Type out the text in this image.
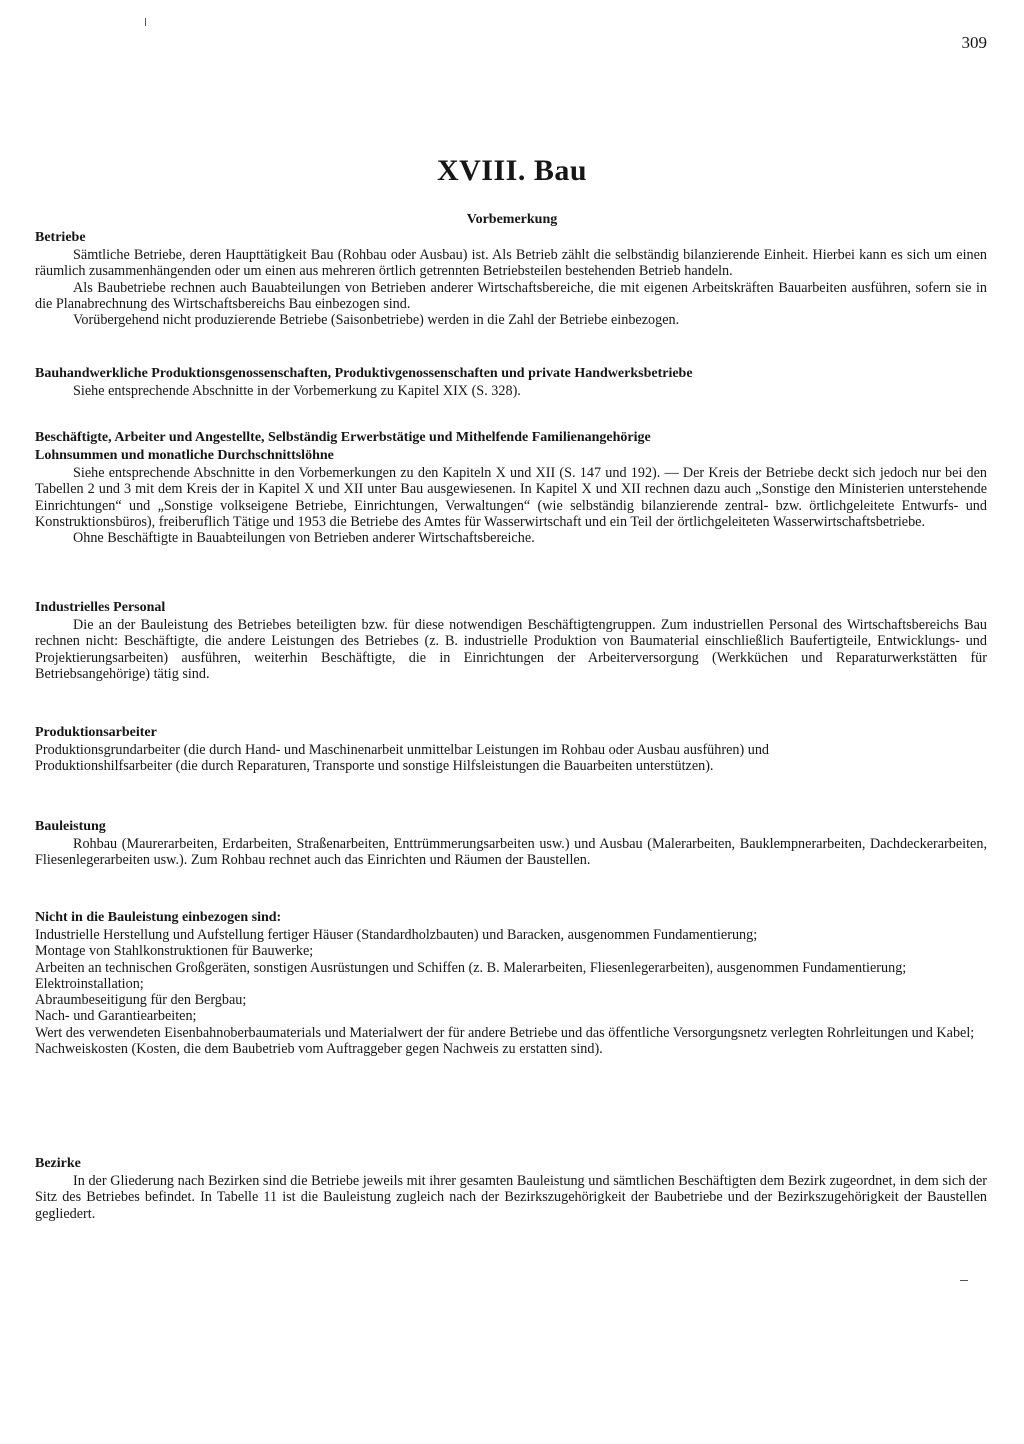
309
XVIII. Bau
Vorbemerkung
Betriebe

Sämtliche Betriebe, deren Haupttätigkeit Bau (Rohbau oder Ausbau) ist. Als Betrieb zählt die selbständig bilanzierende Einheit. Hierbei kann es sich um einen räumlich zusammenhängenden oder um einen aus mehreren örtlich getrennten Betriebsteilen bestehenden Betrieb handeln.

Als Baubetriebe rechnen auch Bauabteilungen von Betrieben anderer Wirtschaftsbereiche, die mit eigenen Arbeitskräften Bauarbeiten ausführen, sofern sie in die Planabrechnung des Wirtschaftsbereichs Bau einbezogen sind.

Vorübergehend nicht produzierende Betriebe (Saisonbetriebe) werden in die Zahl der Betriebe einbezogen.

Bauhandwerkliche Produktionsgenossenschaften, Produktivgenossenschaften und private Handwerksbetriebe

Siehe entsprechende Abschnitte in der Vorbemerkung zu Kapitel XIX (S. 328).

Beschäftigte, Arbeiter und Angestellte, Selbständig Erwerbstätige und Mithelfende Familienangehörige
Lohnsummen und monatliche Durchschnittslöhne

Siehe entsprechende Abschnitte in den Vorbemerkungen zu den Kapiteln X und XII (S. 147 und 192). — Der Kreis der Betriebe deckt sich jedoch nur bei den Tabellen 2 und 3 mit dem Kreis der in Kapitel X und XII unter Bau ausgewiesenen. In Kapitel X und XII rechnen dazu auch „Sonstige den Ministerien unterstehende Einrichtungen“ und „Sonstige volkseigene Betriebe, Einrichtungen, Verwaltungen“ (wie selbständig bilanzierende zentral- bzw. örtlichgeleitete Entwurfs- und Konstruktionsbüros), freiberuflich Tätige und 1953 die Betriebe des Amtes für Wasserwirtschaft und ein Teil der örtlichgeleiteten Wasserwirtschaftsbetriebe.

Ohne Beschäftigte in Bauabteilungen von Betrieben anderer Wirtschaftsbereiche.

Industrielles Personal

Die an der Bauleistung des Betriebes beteiligten bzw. für diese notwendigen Beschäftigtengruppen. Zum industriellen Personal des Wirtschaftsbereichs Bau rechnen nicht: Beschäftigte, die andere Leistungen des Betriebes (z. B. industrielle Produktion von Baumaterial einschließlich Baufertigteile, Entwicklungs- und Projektierungsarbeiten) ausführen, weiterhin Beschäftigte, die in Einrichtungen der Arbeiterversorgung (Werkküchen und Reparaturwerkstätten für Betriebsangehörige) tätig sind.

Produktionsarbeiter

Produktionsgrundarbeiter (die durch Hand- und Maschinenarbeit unmittelbar Leistungen im Rohbau oder Ausbau ausführen) und

Produktionshilfsarbeiter (die durch Reparaturen, Transporte und sonstige Hilfsleistungen die Bauarbeiten unterstützen).

Bauleistung

Rohbau (Maurerarbeiten, Erdarbeiten, Straßenarbeiten, Enttrümmerungsarbeiten usw.) und Ausbau (Malerarbeiten, Bauklempnerarbeiten, Dachdeckerarbeiten, Fliesenlegerarbeiten usw.). Zum Rohbau rechnet auch das Einrichten und Räumen der Baustellen.

Nicht in die Bauleistung einbezogen sind:

Industrielle Herstellung und Aufstellung fertiger Häuser (Standardholzbauten) und Baracken, ausgenommen Fundamentierung;

Montage von Stahlkonstruktionen für Bauwerke;

Arbeiten an technischen Großgeräten, sonstigen Ausrüstungen und Schiffen (z. B. Malerarbeiten, Fliesenlegerarbeiten), ausgenommen Fundamentierung;

Elektroinstallation;

Abraumbeseitigung für den Bergbau;

Nach- und Garantiearbeiten;

Wert des verwendeten Eisenbahnoberbaumaterials und Materialwert der für andere Betriebe und das öffentliche Versorgungsnetz verlegten Rohrleitungen und Kabel;

Nachweiskosten (Kosten, die dem Baubetrieb vom Auftraggeber gegen Nachweis zu erstatten sind).

Bezirke

In der Gliederung nach Bezirken sind die Betriebe jeweils mit ihrer gesamten Bauleistung und sämtlichen Beschäftigten dem Bezirk zugeordnet, in dem sich der Sitz des Betriebes befindet. In Tabelle 11 ist die Bauleistung zugleich nach der Bezirkszugehörigkeit der Baubetriebe und der Bezirkszugehörigkeit der Baustellen gegliedert.
